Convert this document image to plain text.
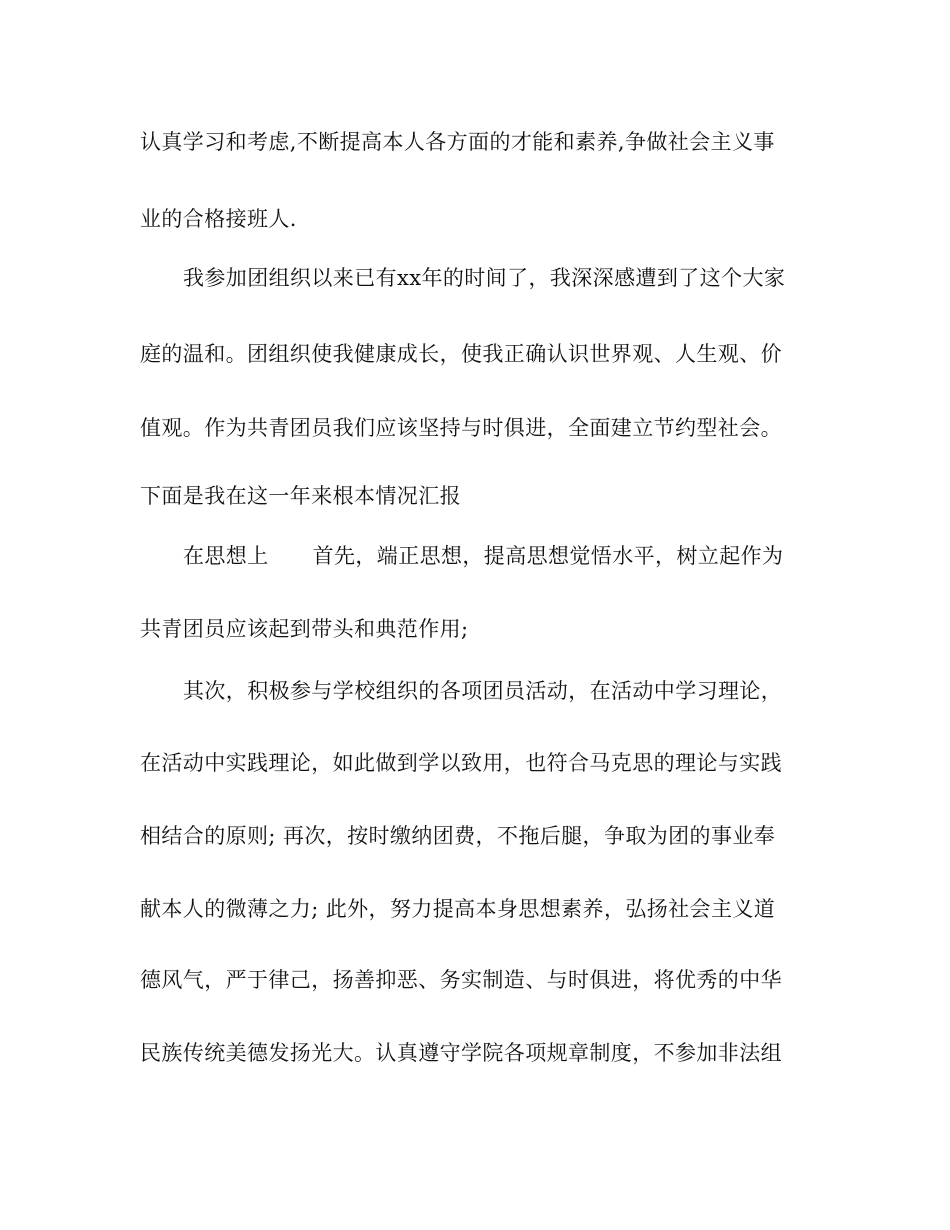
认真学习和考虑,不断提高本人各方面的才能和素养,争做社会主义事
业的合格接班人.
我参加团组织以来已有xx年的时间了，我深深感遭到了这个大家
庭的温和。团组织使我健康成长，使我正确认识世界观、人生观、价
值观。作为共青团员我们应该坚持与时俱进，全面建立节约型社会。
下面是我在这一年来根本情况汇报
在思想上 首先，端正思想，提高思想觉悟水平，树立起作为
共青团员应该起到带头和典范作用;
其次，积极参与学校组织的各项团员活动，在活动中学习理论，
在活动中实践理论，如此做到学以致用，也符合马克思的理论与实践
相结合的原则; 再次，按时缴纳团费，不拖后腿，争取为团的事业奉
献本人的微薄之力; 此外，努力提高本身思想素养，弘扬社会主义道
德风气，严于律己，扬善抑恶、务实制造、与时俱进，将优秀的中华
民族传统美德发扬光大。认真遵守学院各项规章制度，不参加非法组
